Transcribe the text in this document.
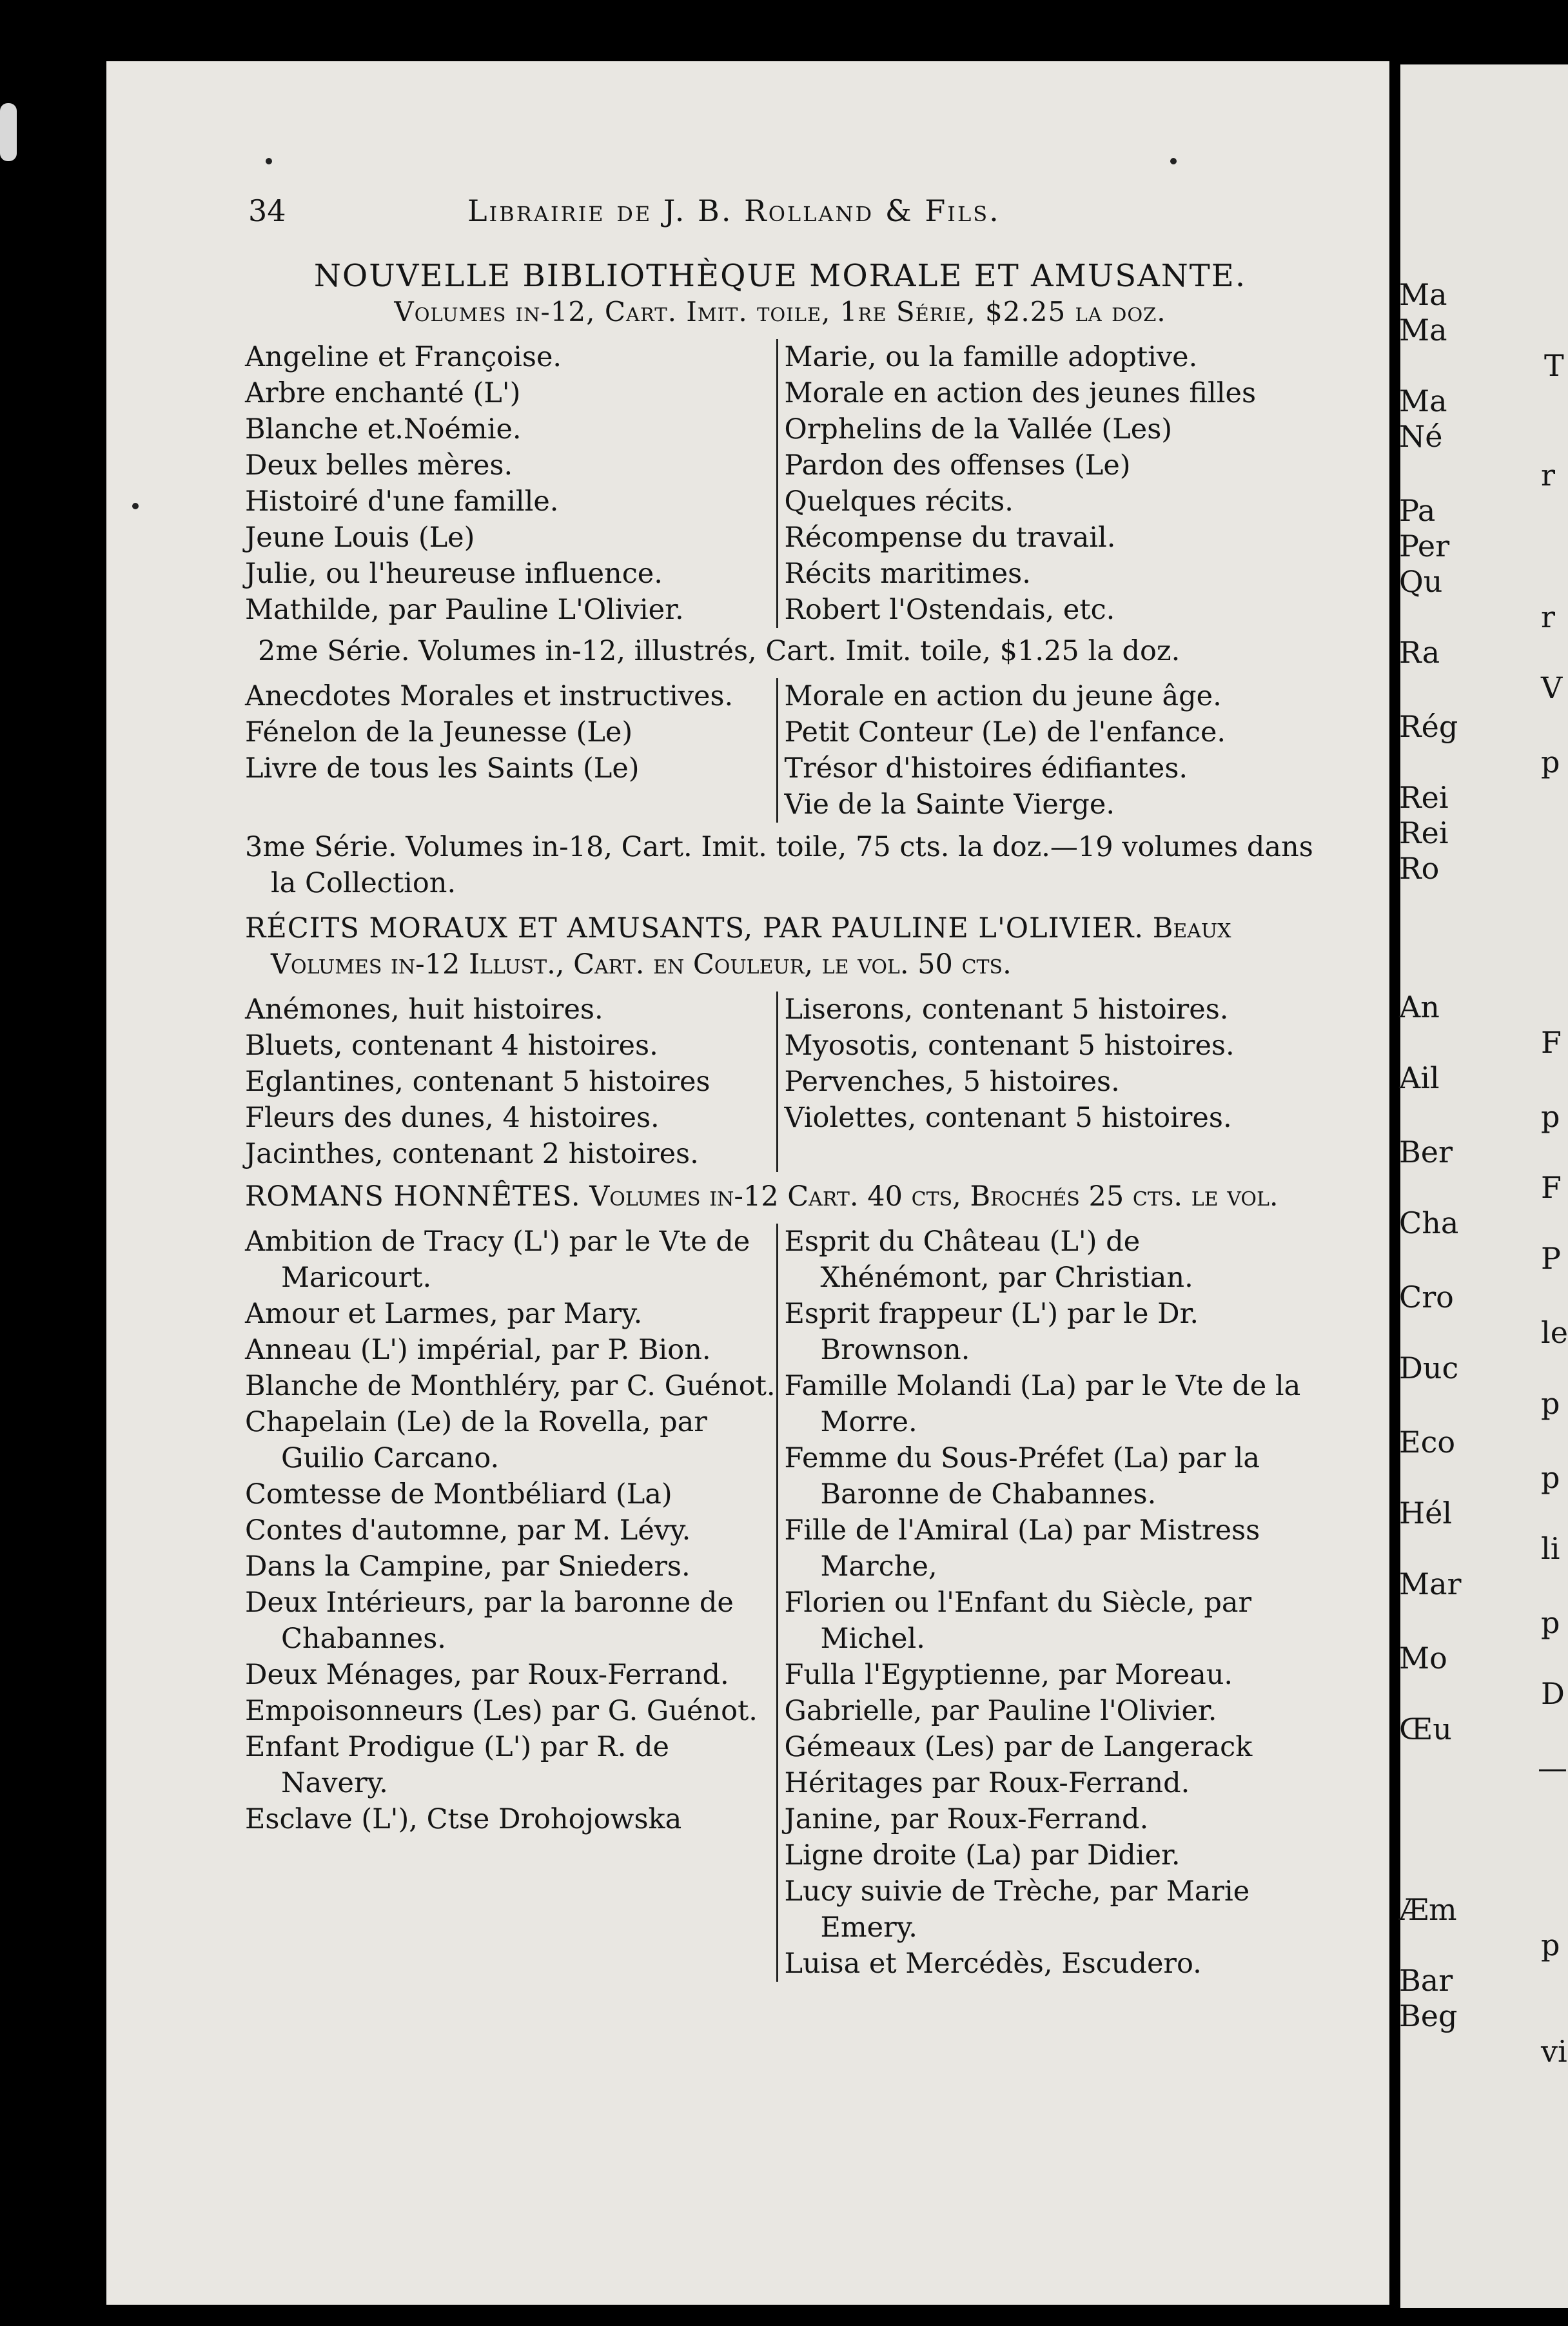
34	Librairie de J. B. Rolland & Fils.
NOUVELLE BIBLIOTHÈQUE MORALE ET AMUSANTE.
Volumes in-12, Cart. Imit. toile, 1re Série, $2.25 la doz.
Angeline et Françoise.
Arbre enchanté (L')
Blanche et.Noémie.
Deux belles mères.
Histoiré d'une famille.
Jeune Louis (Le)
Julie, ou l'heureuse influence.
Mathilde, par Pauline L'Olivier.
Marie, ou la famille adoptive.
Morale en action des jeunes filles
Orphelins de la Vallée (Les)
Pardon des offenses (Le)
Quelques récits.
Récompense du travail.
Récits maritimes.
Robert l'Ostendais, etc.
2me Série. Volumes in-12, illustrés, Cart. Imit. toile, $1.25 la doz.
Anecdotes Morales et instructives.
Fénelon de la Jeunesse (Le)
Livre de tous les Saints (Le)
Morale en action du jeune âge.
Petit Conteur (Le) de l'enfance.
Trésor d'histoires édifiantes.
Vie de la Sainte Vierge.
3me Série. Volumes in-18, Cart. Imit. toile, 75 cts. la doz.—19 volumes dans la Collection.
RÉCITS MORAUX ET AMUSANTS, PAR PAULINE L'OLIVIER. Beaux Volumes in-12 Illust., Cart. en Couleur, le vol. 50 cts.
Anémones, huit histoires.
Bluets, contenant 4 histoires.
Eglantines, contenant 5 histoires
Fleurs des dunes, 4 histoires.
Jacinthes, contenant 2 histoires.
Liserons, contenant 5 histoires.
Myosotis, contenant 5 histoires.
Pervenches, 5 histoires.
Violettes, contenant 5 histoires.
ROMANS HONNÊTES. Volumes in-12 Cart. 40 cts, Brochés 25 cts. le vol.
Ambition de Tracy (L') par le Vte de Maricourt.
Amour et Larmes, par Mary.
Anneau (L') impérial, par P. Bion.
Blanche de Monthléry, par C. Guénot.
Chapelain (Le) de la Rovella, par Guilio Carcano.
Comtesse de Montbéliard (La)
Contes d'automne, par M. Lévy.
Dans la Campine, par Snieders.
Deux Intérieurs, par la baronne de Chabannes.
Deux Ménages, par Roux-Ferrand.
Empoisonneurs (Les) par G. Guénot.
Enfant Prodigue (L') par R. de Navery.
Esclave (L'), Ctse Drohojowska
Esprit du Château (L') de Xhénémont, par Christian.
Esprit frappeur (L') par le Dr. Brownson.
Famille Molandi (La) par le Vte de la Morre.
Femme du Sous-Préfet (La) par la Baronne de Chabannes.
Fille de l'Amiral (La) par Mistress Marche,
Florien ou l'Enfant du Siècle, par Michel.
Fulla l'Egyptienne, par Moreau.
Gabrielle, par Pauline l'Olivier.
Gémeaux (Les) par de Langerack
Héritages par Roux-Ferrand.
Janine, par Roux-Ferrand.
Ligne droite (La) par Didier.
Lucy suivie de Trèche, par Marie Emery.
Luisa et Mercédès, Escudero.
Ma
Ma
T
Ma
Né
r
Pa
Per
Qu
r
Ra
V
Rég
p
Rei
Rei
Ro
An
F
Ail
p
Ber
F
Cha
P
Cro
le
Duc
p
Eco
p
Hél
li
Mar
p
Mo
D
Œu
—
Æm
p
Bar
Beg
vi
